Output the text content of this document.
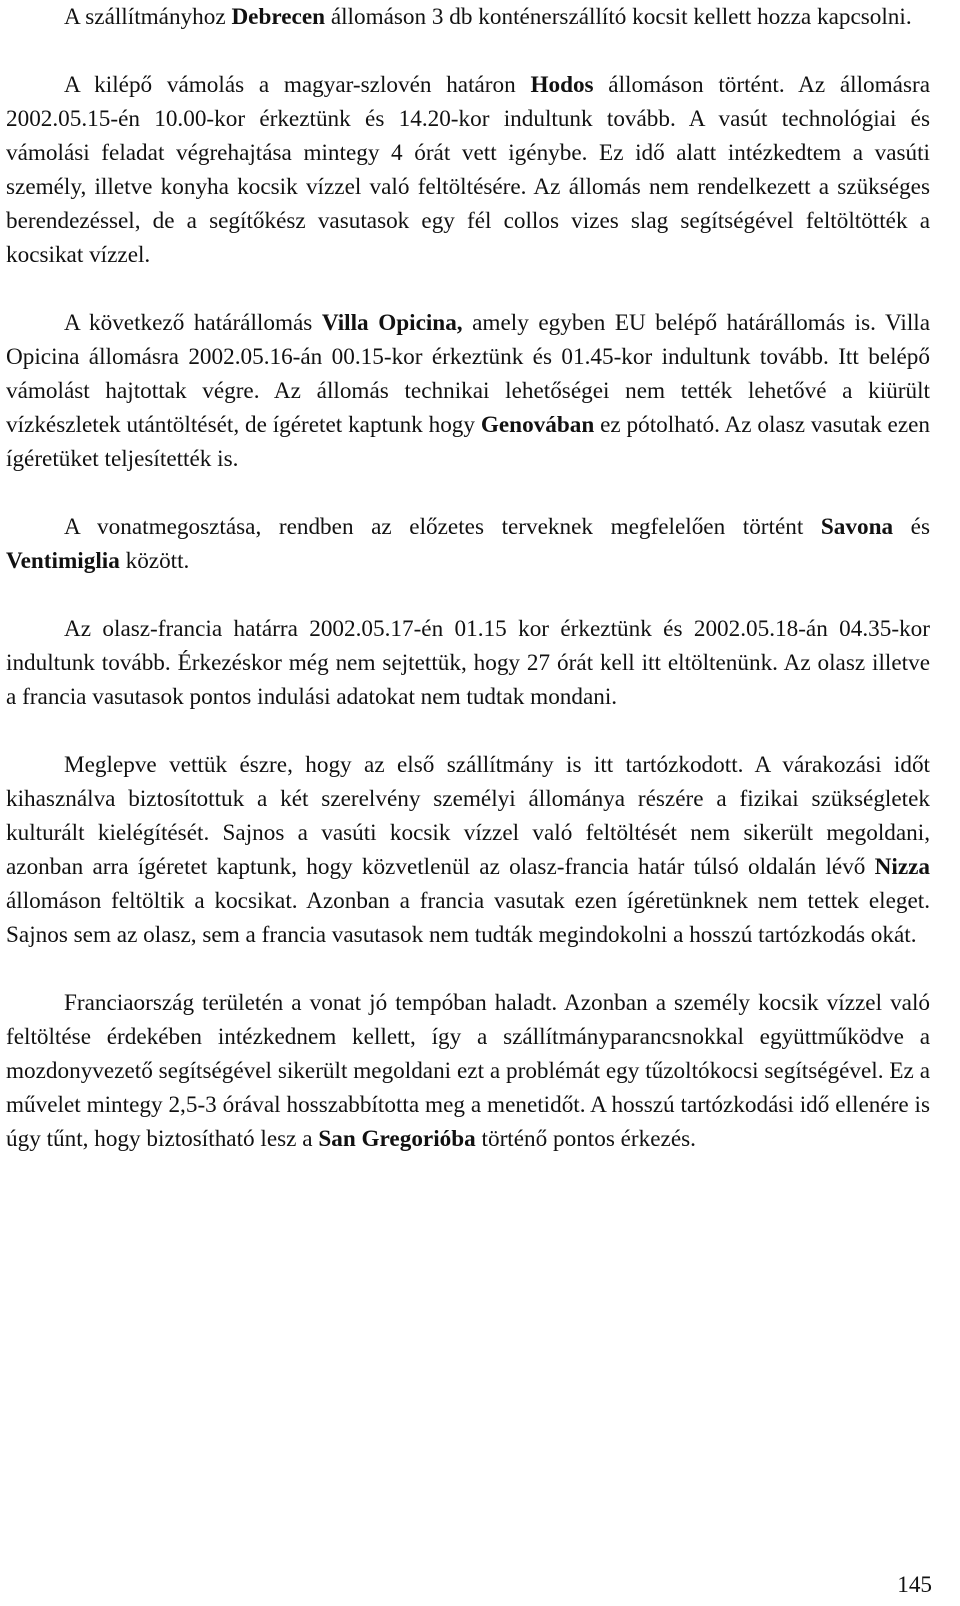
A szállítmányhoz Debrecen állomáson 3 db konténerszállító kocsit kellett hozza kapcsolni.

A kilépő vámolás a magyar-szlovén határon Hodos állomáson történt. Az állomásra 2002.05.15-én 10.00-kor érkeztünk és 14.20-kor indultunk tovább. A vasút technológiai és vámolási feladat végrehajtása mintegy 4 órát vett igénybe. Ez idő alatt intézkedtem a vasúti személy, illetve konyha kocsik vízzel való feltöltésére. Az állomás nem rendelkezett a szükséges berendezéssel, de a segítőkész vasutasok egy fél collos vizes slag segítségével feltöltötték a kocsikat vízzel.

A következő határállomás Villa Opicina, amely egyben EU belépő határállomás is. Villa Opicina állomásra 2002.05.16-án 00.15-kor érkeztünk és 01.45-kor indultunk tovább. Itt belépő vámolást hajtottak végre. Az állomás technikai lehetőségei nem tették lehetővé a kiürült vízkészletek utántöltését, de ígéretet kaptunk hogy Genovában ez pótolható. Az olasz vasutak ezen ígéretüket teljesítették is.

A vonatmegosztása, rendben az előzetes terveknek megfelelően történt Savona és Ventimiglia között.

Az olasz-francia határra 2002.05.17-én 01.15 kor érkeztünk és 2002.05.18-án 04.35-kor indultunk tovább. Érkezéskor még nem sejtettük, hogy 27 órát kell itt eltöltenünk. Az olasz illetve a francia vasutasok pontos indulási adatokat nem tudtak mondani.

Meglepve vettük észre, hogy az első szállítmány is itt tartózkodott. A várakozási időt kihasználva biztosítottuk a két szerelvény személyi állománya részére a fizikai szükségletek kulturált kielégítését. Sajnos a vasúti kocsik vízzel való feltöltését nem sikerült megoldani, azonban arra ígéretet kaptunk, hogy közvetlenül az olasz-francia határ túlsó oldalán lévő Nizza állomáson feltöltik a kocsikat. Azonban a francia vasutak ezen ígéretünknek nem tettek eleget. Sajnos sem az olasz, sem a francia vasutasok nem tudták megindokolni a hosszú tartózkodás okát.

Franciaország területén a vonat jó tempóban haladt. Azonban a személy kocsik vízzel való feltöltése érdekében intézkednem kellett, így a szállítmányparancsnokkal együttműködve a mozdonyvezető segítségével sikerült megoldani ezt a problémát egy tűzoltókocsi segítségével. Ez a művelet mintegy 2,5-3 órával hosszabbította meg a menetidőt. A hosszú tartózkodási idő ellenére is úgy tűnt, hogy biztosítható lesz a San Gregorióba történő pontos érkezés.

145
